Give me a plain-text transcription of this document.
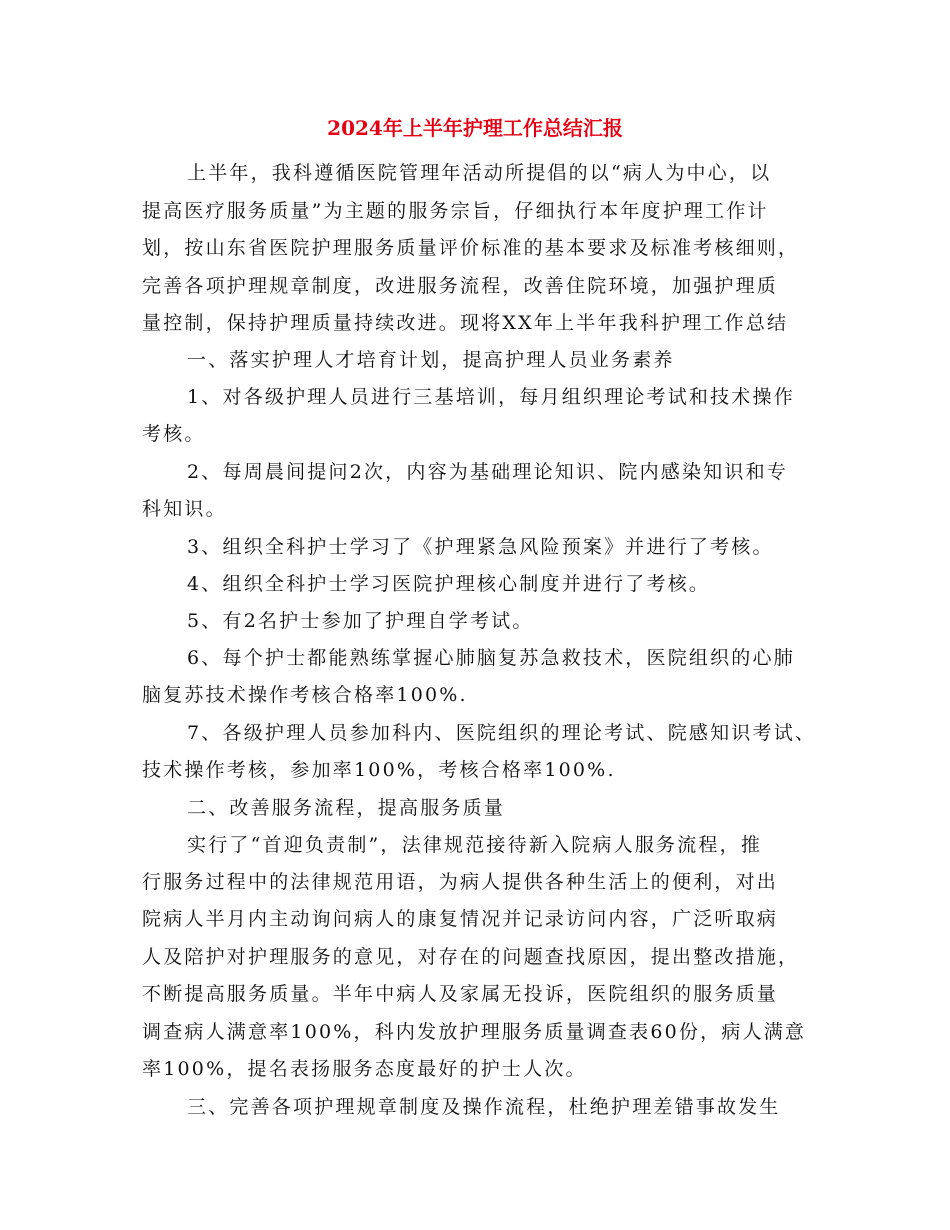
2024年上半年护理工作总结汇报
上半年，我科遵循医院管理年活动所提倡的以“病人为中心，以
提高医疗服务质量”为主题的服务宗旨，仔细执行本年度护理工作计
划，按山东省医院护理服务质量评价标准的基本要求及标准考核细则，
完善各项护理规章制度，改进服务流程，改善住院环境，加强护理质
量控制，保持护理质量持续改进。现将XX年上半年我科护理工作总结
一、落实护理人才培育计划，提高护理人员业务素养
1、对各级护理人员进行三基培训，每月组织理论考试和技术操作
考核。
2、每周晨间提问2次，内容为基础理论知识、院内感染知识和专
科知识。
3、组织全科护士学习了《护理紧急风险预案》并进行了考核。
4、组织全科护士学习医院护理核心制度并进行了考核。
5、有2名护士参加了护理自学考试。
6、每个护士都能熟练掌握心肺脑复苏急救技术，医院组织的心肺
脑复苏技术操作考核合格率100%.
7、各级护理人员参加科内、医院组织的理论考试、院感知识考试、
技术操作考核，参加率100%，考核合格率100%.
二、改善服务流程，提高服务质量
实行了“首迎负责制”，法律规范接待新入院病人服务流程，推
行服务过程中的法律规范用语，为病人提供各种生活上的便利，对出
院病人半月内主动询问病人的康复情况并记录访问内容，广泛听取病
人及陪护对护理服务的意见，对存在的问题查找原因，提出整改措施，
不断提高服务质量。半年中病人及家属无投诉，医院组织的服务质量
调查病人满意率100%，科内发放护理服务质量调查表60份，病人满意
率100%，提名表扬服务态度最好的护士人次。
三、完善各项护理规章制度及操作流程，杜绝护理差错事故发生
